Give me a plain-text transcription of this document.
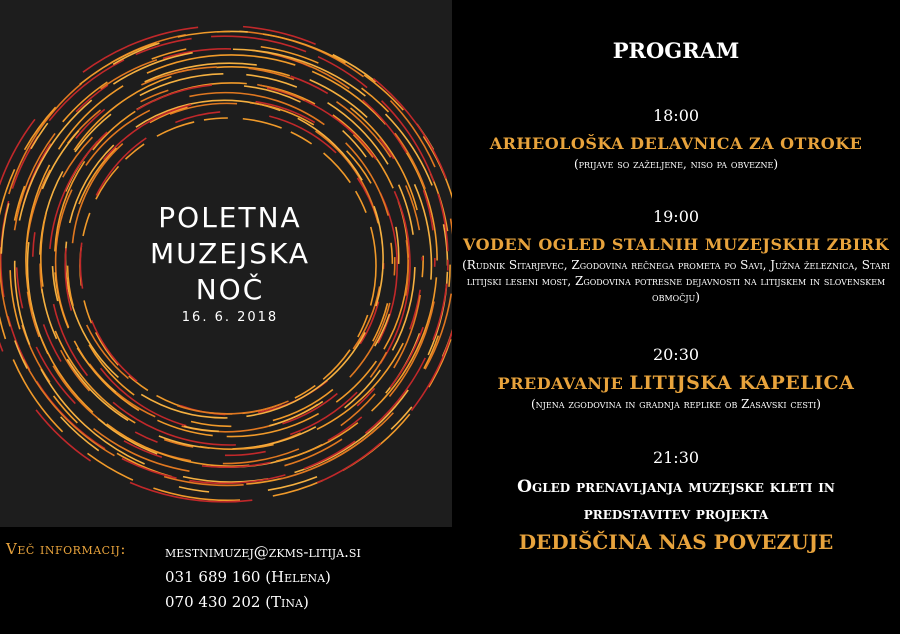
POLETNA
MUZEJSKA
NOČ
16. 6. 2018
Več informacij:	mestnimuzej@zkms-litija.si
031 689 160 (Helena)
070 430 202 (Tina)
PROGRAM
18:00
ARHEOLOŠKA DELAVNICA ZA OTROKE
(prijave so zaželjene, niso pa obvezne)
19:00
VODEN OGLED STALNIH MUZEJSKIH ZBIRK
(Rudnik Sitarjevec, Zgodovina rečnega prometa po Savi, Južna železnica, Stari litijski leseni most, Zgodovina potresne dejavnosti na litijskem in slovenskem območju)
20:30
PREDAVANJE LITIJSKA KAPELICA
(njena zgodovina in gradnja replike ob Zasavski cesti)
21:30
Ogled prenavljanja muzejske kleti in predstavitev projekta
DEDIŠČINA NAS POVEZUJE
